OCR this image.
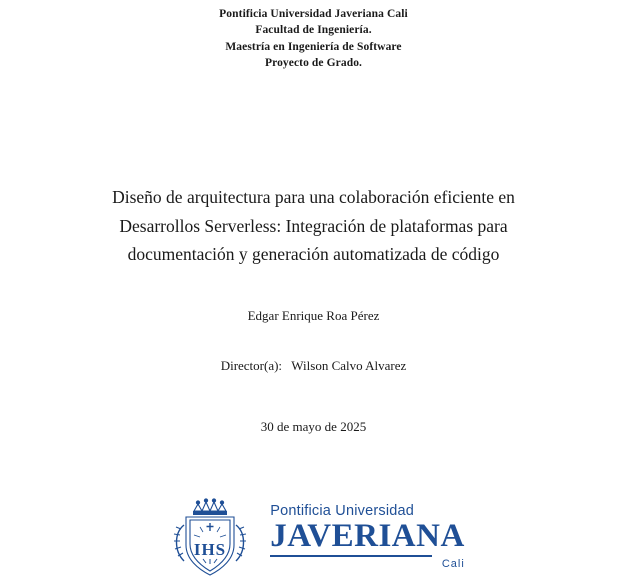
Pontificia Universidad Javeriana Cali
Facultad de Ingeniería.
Maestría en Ingeniería de Software
Proyecto de Grado.
Diseño de arquitectura para una colaboración eficiente en
Desarrollos Serverless: Integración de plataformas para
documentación y generación automatizada de código
Edgar Enrique Roa Pérez
Director(a): Wilson Calvo Alvarez
30 de mayo de 2025
IHS
Pontificia Universidad
JAVERIANA
Cali
